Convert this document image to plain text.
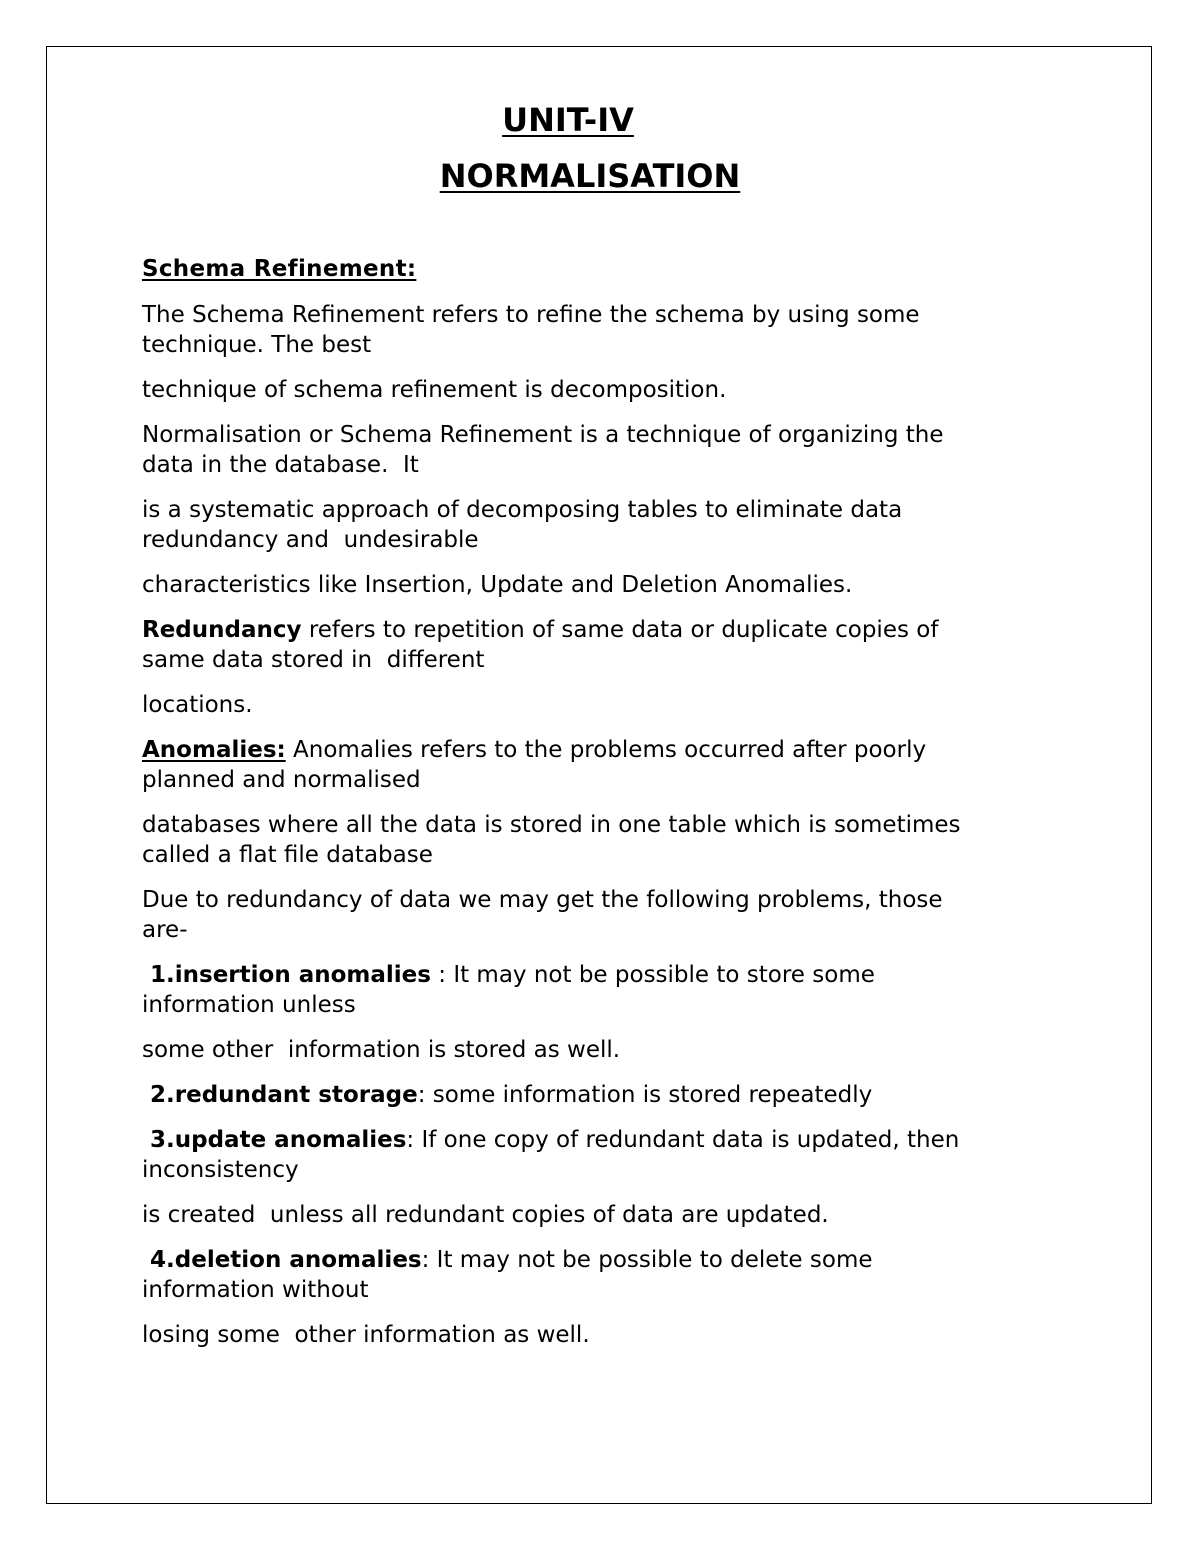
UNIT-IV
NORMALISATION

Schema Refinement:

The Schema Refinement refers to refine the schema by using some
technique. The best

technique of schema refinement is decomposition.

Normalisation or Schema Refinement is a technique of organizing the
data in the database.  It

is a systematic approach of decomposing tables to eliminate data
redundancy and  undesirable

characteristics like Insertion, Update and Deletion Anomalies.

Redundancy refers to repetition of same data or duplicate copies of
same data stored in  different

locations.

Anomalies: Anomalies refers to the problems occurred after poorly
planned and normalised

databases where all the data is stored in one table which is sometimes
called a flat file database

Due to redundancy of data we may get the following problems, those
are-

1.insertion anomalies : It may not be possible to store some
information unless

some other  information is stored as well.

2.redundant storage: some information is stored repeatedly

3.update anomalies: If one copy of redundant data is updated, then
inconsistency

is created  unless all redundant copies of data are updated.

4.deletion anomalies: It may not be possible to delete some
information without

losing some  other information as well.
